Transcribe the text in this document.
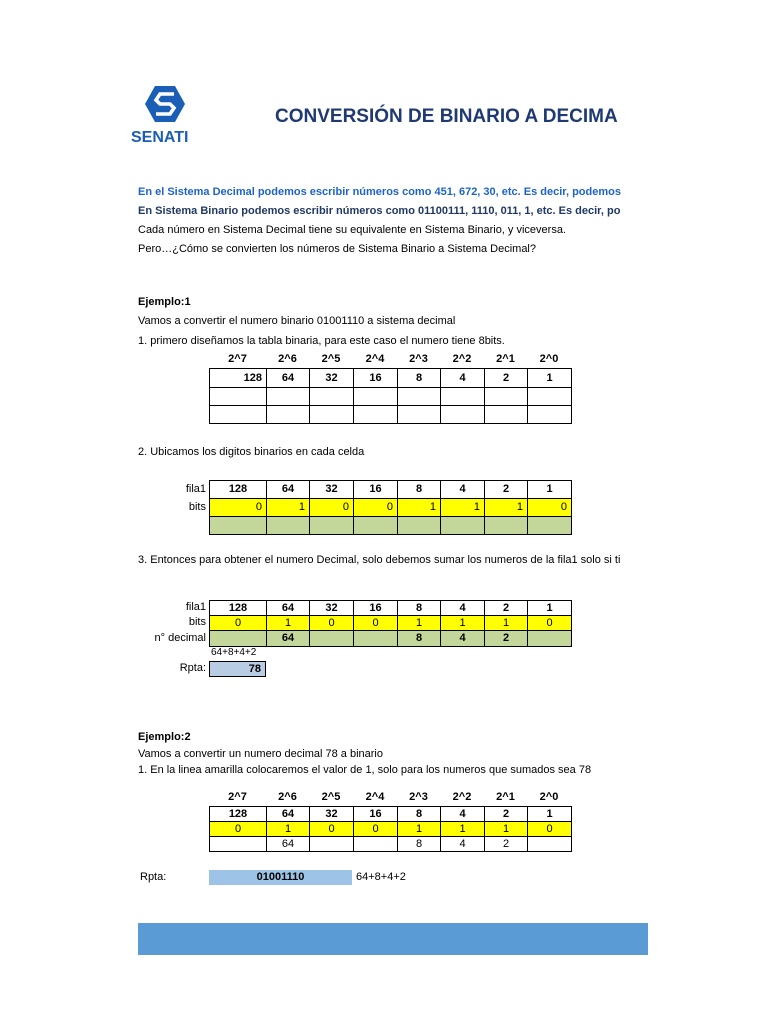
SENATI
CONVERSIÓN DE BINARIO A DECIMA
En el Sistema Decimal podemos escribir números como 451, 672, 30, etc. Es decir, podemos
En Sistema Binario podemos escribir números como 01100111, 1110, 011, 1, etc. Es decir, po
Cada número en Sistema Decimal tiene su equivalente en Sistema Binario, y viceversa.
Pero…¿Cómo se convierten los números de Sistema Binario a Sistema Decimal?
Ejemplo:1
Vamos a convertir el numero binario 01001110 a sistema decimal
1. primero diseñamos la tabla binaria, para este caso el numero tiene 8bits.
2^7	2^6	2^5	2^4	2^3	2^2	2^1	2^0
128	64	32	16	8	4	2	1

2. Ubicamos los digitos binarios en cada celda
fila1
bits
128	64	32	16	8	4	2	1
0	1	0	0	1	1	1	0

3. Entonces para obtener el numero Decimal, solo debemos sumar los numeros de la fila1 solo si ti
fila1
bits
n° decimal
128	64	32	16	8	4	2	1
0	1	0	0	1	1	1	0
	64			8	4	2	
64+8+4+2
Rpta:	78
Ejemplo:2
Vamos a convertir un numero decimal 78 a binario
1. En la linea amarilla colocaremos el valor de 1, solo para los numeros que sumados sea 78
2^7	2^6	2^5	2^4	2^3	2^2	2^1	2^0
128	64	32	16	8	4	2	1
0	1	0	0	1	1	1	0
	64			8	4	2	
Rpta:	01001110	64+8+4+2
